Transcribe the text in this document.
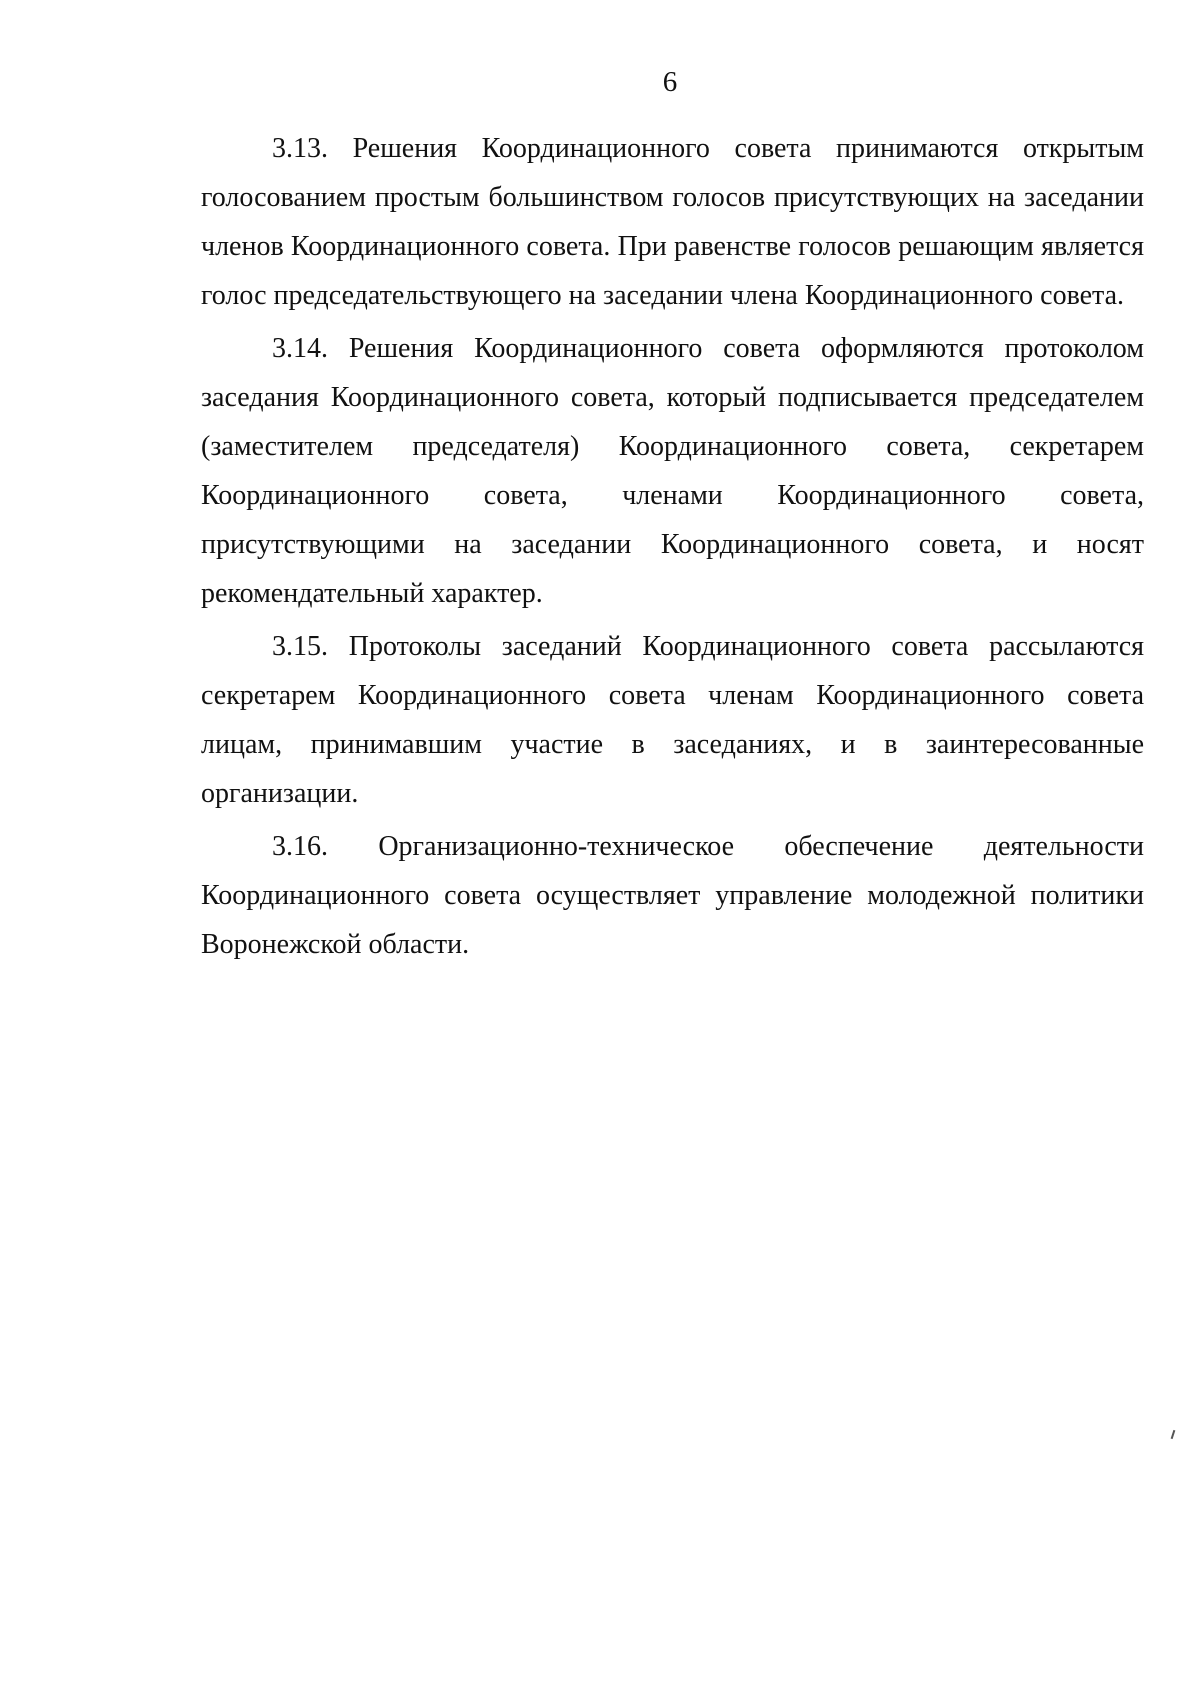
6

3.13. Решения Координационного совета принимаются открытым голосованием простым большинством голосов присутствующих на заседании членов Координационного совета. При равенстве голосов решающим является голос председательствующего на заседании члена Координационного совета.

3.14. Решения Координационного совета оформляются протоколом заседания Координационного совета, который подписывается председателем (заместителем председателя) Координационного совета, секретарем Координационного совета, членами Координационного совета, присутствующими на заседании Координационного совета, и носят рекомендательный характер.

3.15. Протоколы заседаний Координационного совета рассылаются секретарем Координационного совета членам Координационного совета лицам, принимавшим участие в заседаниях, и в заинтересованные организации.

3.16. Организационно-техническое обеспечение деятельности Координационного совета осуществляет управление молодежной политики Воронежской области.
